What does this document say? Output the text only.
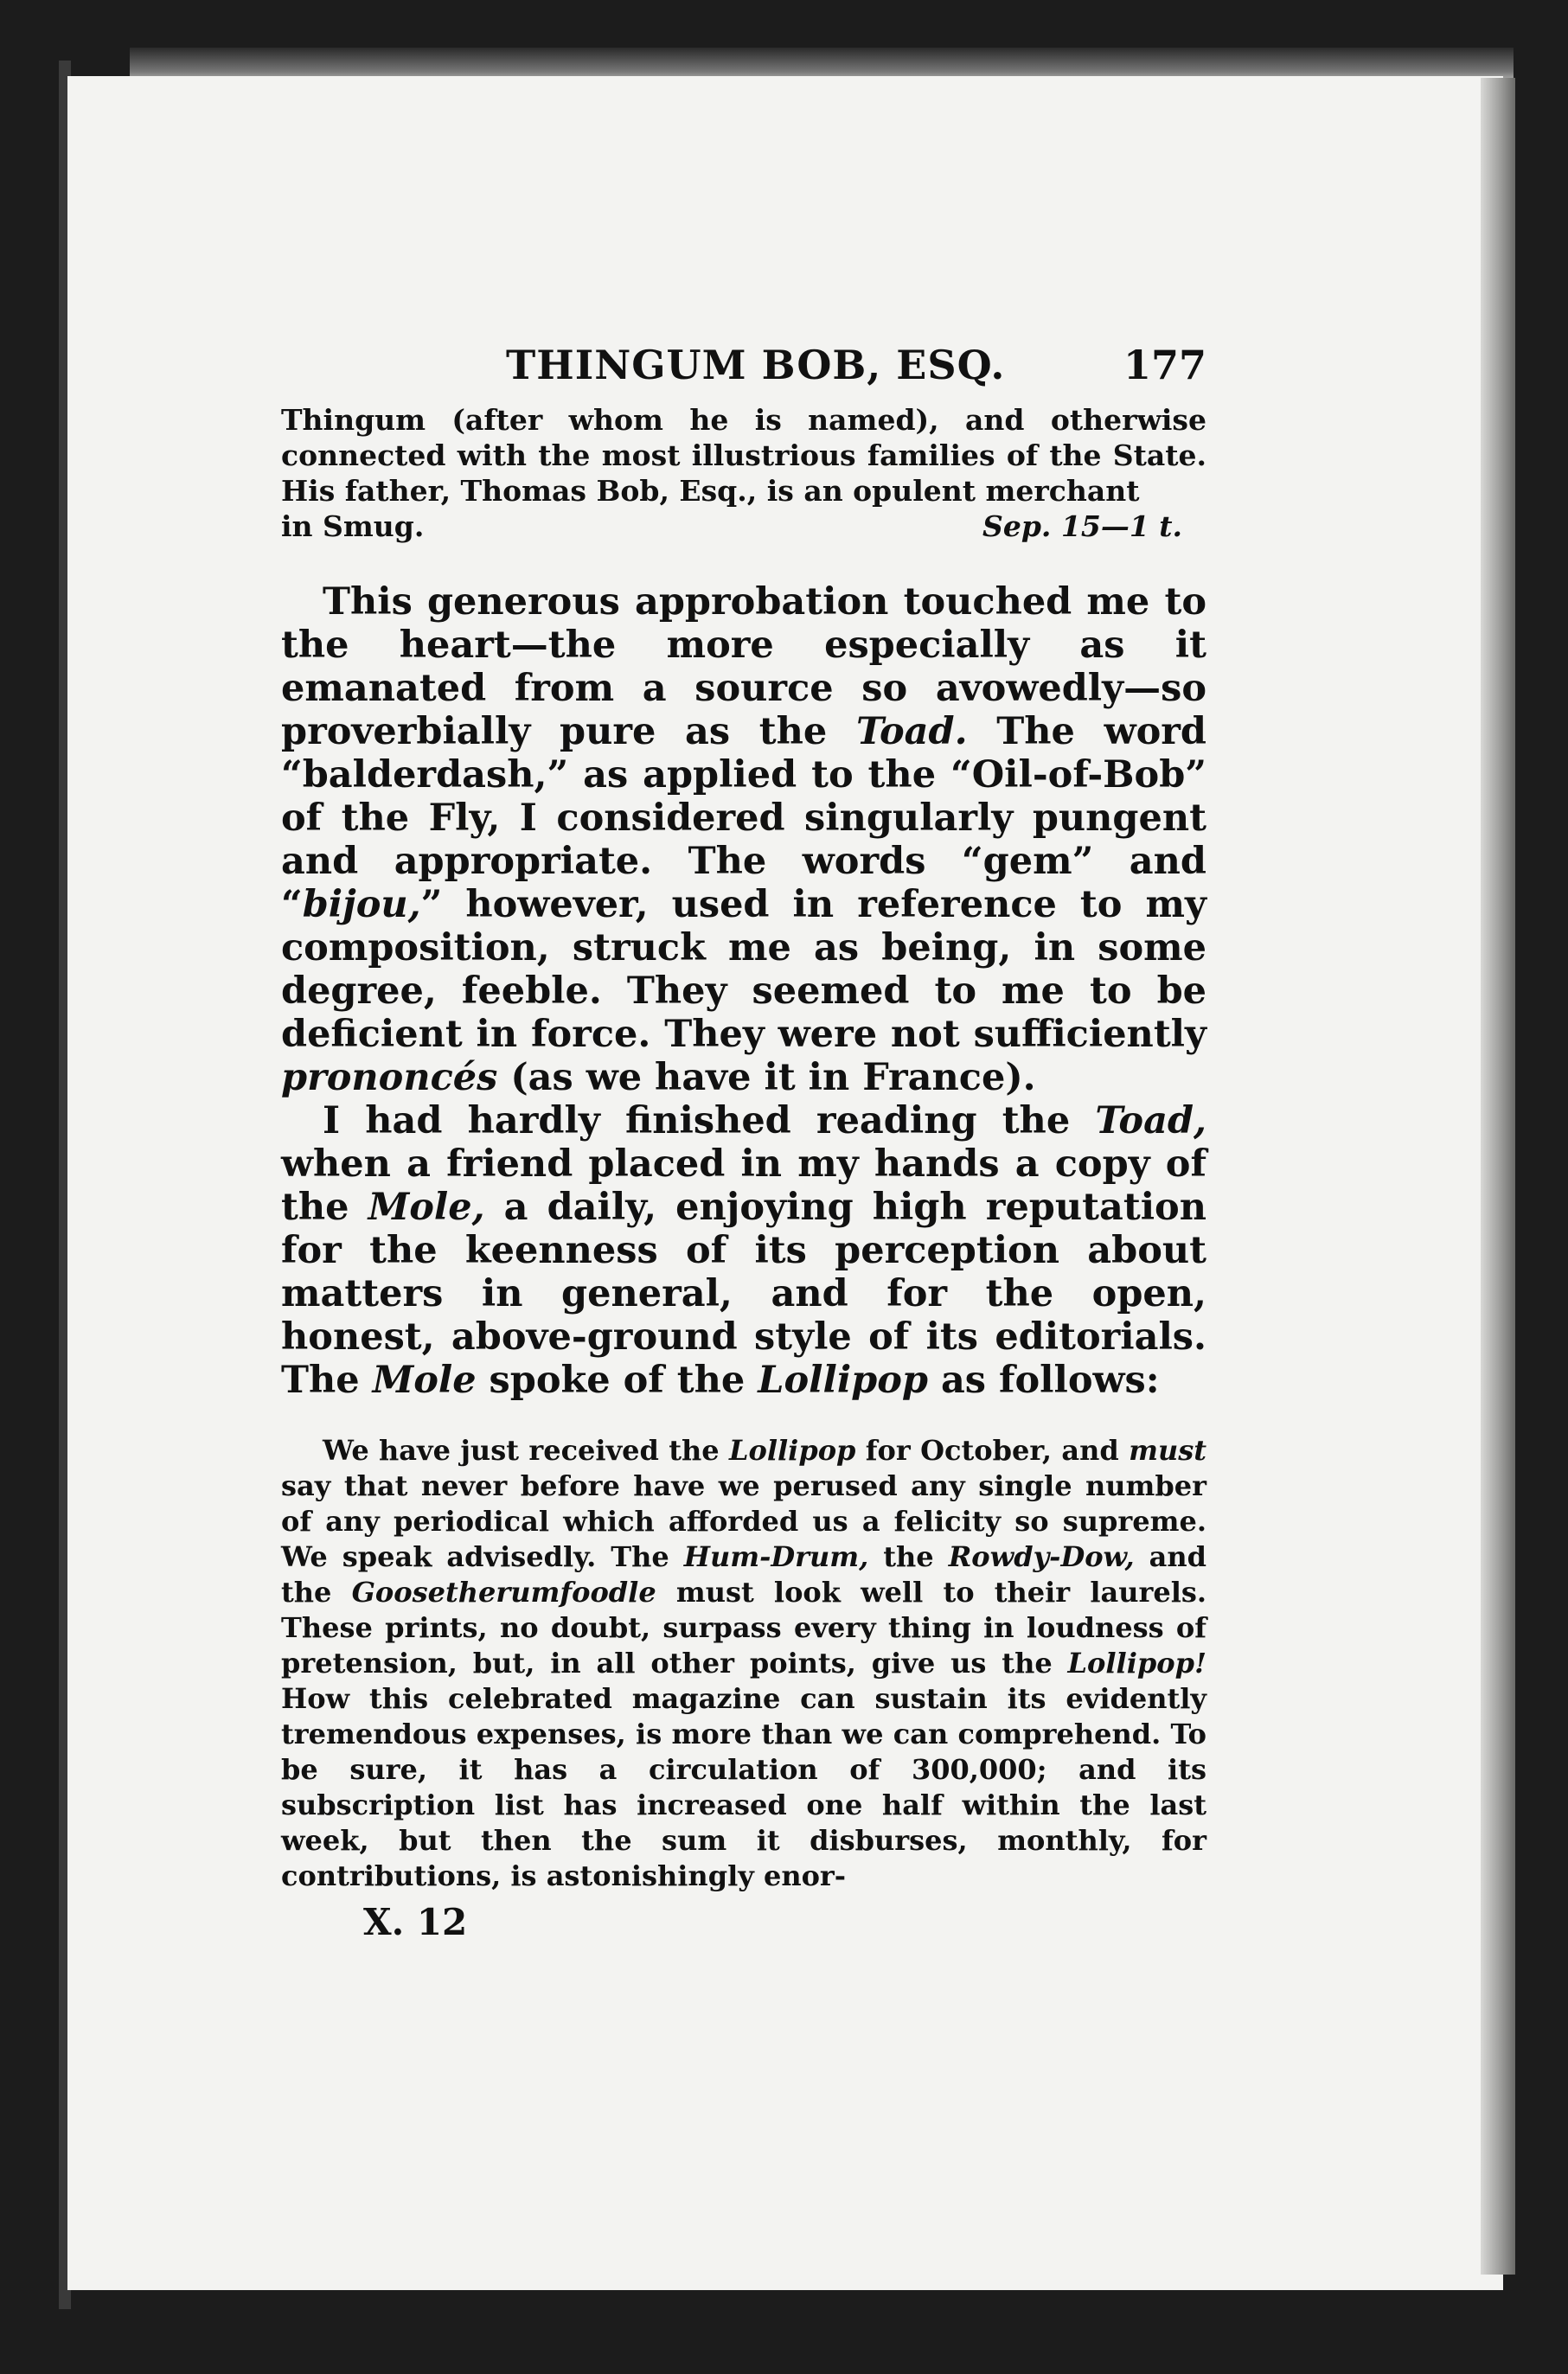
THINGUM BOB, ESQ.	177

Thingum (after whom he is named), and otherwise connected with the most illustrious families of the State. His father, Thomas Bob, Esq., is an opulent merchant

in Smug.	Sep. 15—1 t.

This generous approbation touched me to the heart—the more especially as it emanated from a source so avowedly—so proverbially pure as the Toad. The word “balderdash,” as applied to the “Oil-of-Bob” of the Fly, I considered singularly pungent and appropriate. The words “gem” and “bijou,” however, used in reference to my composition, struck me as being, in some degree, feeble. They seemed to me to be deficient in force. They were not sufficiently prononcés (as we have it in France).

I had hardly finished reading the Toad, when a friend placed in my hands a copy of the Mole, a daily, enjoying high reputation for the keenness of its perception about matters in general, and for the open, honest, above-ground style of its editorials. The Mole spoke of the Lollipop as follows:

We have just received the Lollipop for October, and must say that never before have we perused any single number of any periodical which afforded us a felicity so supreme. We speak advisedly. The Hum-Drum, the Rowdy-Dow, and the Goosetherumfoodle must look well to their laurels. These prints, no doubt, surpass every thing in loudness of pretension, but, in all other points, give us the Lollipop! How this celebrated magazine can sustain its evidently tremendous expenses, is more than we can comprehend. To be sure, it has a circulation of 300,000; and its subscription list has increased one half within the last week, but then the sum it disburses, monthly, for contributions, is astonishingly enor-

X. 12
